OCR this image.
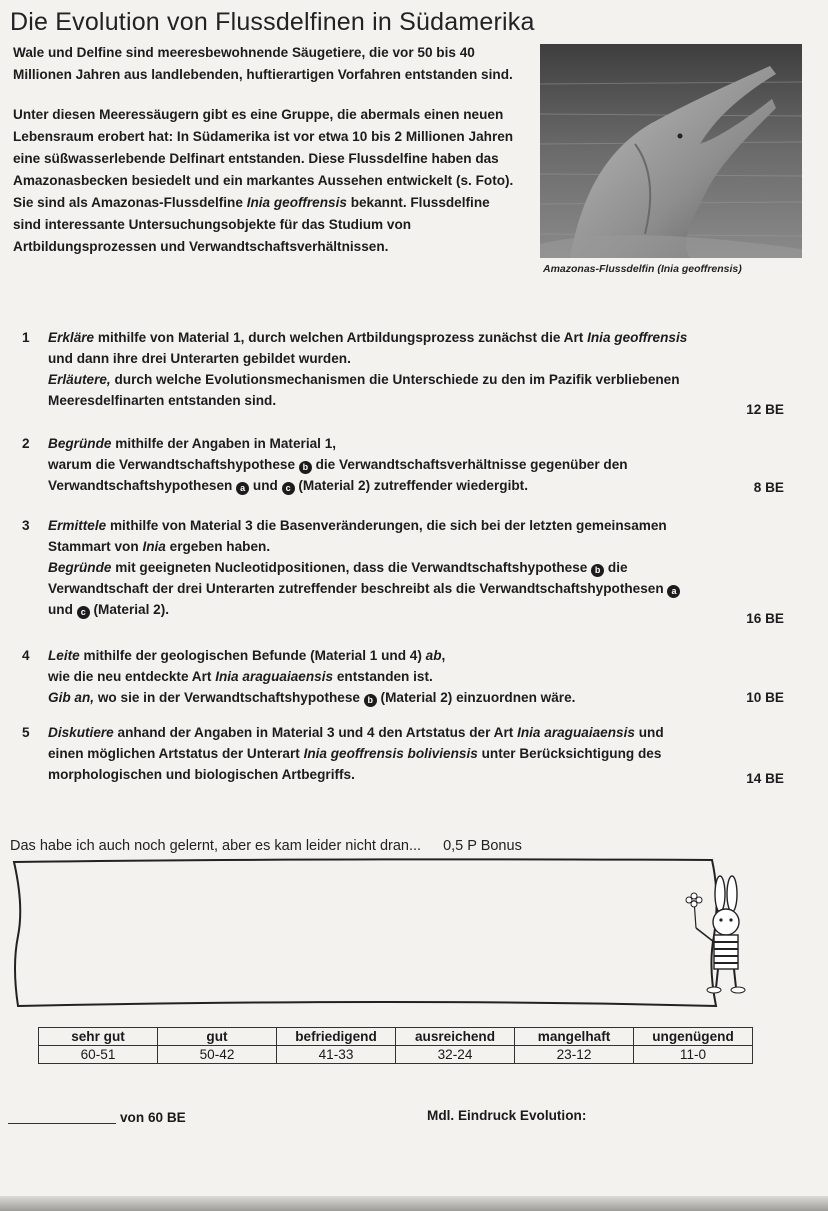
Die Evolution von Flussdelfinen in Südamerika
Wale und Delfine sind meeresbewohnende Säugetiere, die vor 50 bis 40 Millionen Jahren aus landlebenden, huftierartigen Vorfahren entstanden sind.
Unter diesen Meeressäugern gibt es eine Gruppe, die abermals einen neuen Lebensraum erobert hat: In Südamerika ist vor etwa 10 bis 2 Millionen Jahren eine süßwasserlebende Delfinart entstanden. Diese Flussdelfine haben das Amazonasbecken besiedelt und ein markantes Aussehen entwickelt (s. Foto). Sie sind als Amazonas-Flussdelfine Inia geoffrensis bekannt. Flussdelfine sind interessante Untersuchungsobjekte für das Studium von Artbildungsprozessen und Verwandtschaftsverhältnissen.
Amazonas-Flussdelfin (Inia geoffrensis)
1 Erkläre mithilfe von Material 1, durch welchen Artbildungsprozess zunächst die Art Inia geoffrensis und dann ihre drei Unterarten gebildet wurden.
Erläutere, durch welche Evolutionsmechanismen die Unterschiede zu den im Pazifik verbliebenen Meeresdelfinarten entstanden sind.
12 BE
2 Begründe mithilfe der Angaben in Material 1,
warum die Verwandtschaftshypothese b die Verwandtschaftsverhältnisse gegenüber den Verwandtschaftshypothesen a und c (Material 2) zutreffender wiedergibt.	8 BE
3 Ermittele mithilfe von Material 3 die Basenveränderungen, die sich bei der letzten gemeinsamen Stammart von Inia ergeben haben.
Begründe mit geeigneten Nucleotidpositionen, dass die Verwandtschaftshypothese b die Verwandtschaft der drei Unterarten zutreffender beschreibt als die Verwandtschaftshypothesen a und c (Material 2).
16 BE
4 Leite mithilfe der geologischen Befunde (Material 1 und 4) ab,
wie die neu entdeckte Art Inia araguaiaensis entstanden ist.
Gib an, wo sie in der Verwandtschaftshypothese b (Material 2) einzuordnen wäre.	10 BE
5 Diskutiere anhand der Angaben in Material 3 und 4 den Artstatus der Art Inia araguaiaensis und einen möglichen Artstatus der Unterart Inia geoffrensis boliviensis unter Berücksichtigung des morphologischen und biologischen Artbegriffs.	14 BE
Das habe ich auch noch gelernt, aber es kam leider nicht dran... 0,5 P Bonus
sehr gut	gut	befriedigend	ausreichend	mangelhaft	ungenügend
60-51	50-42	41-33	32-24	23-12	11-0
von 60 BE	Mdl. Eindruck Evolution:
